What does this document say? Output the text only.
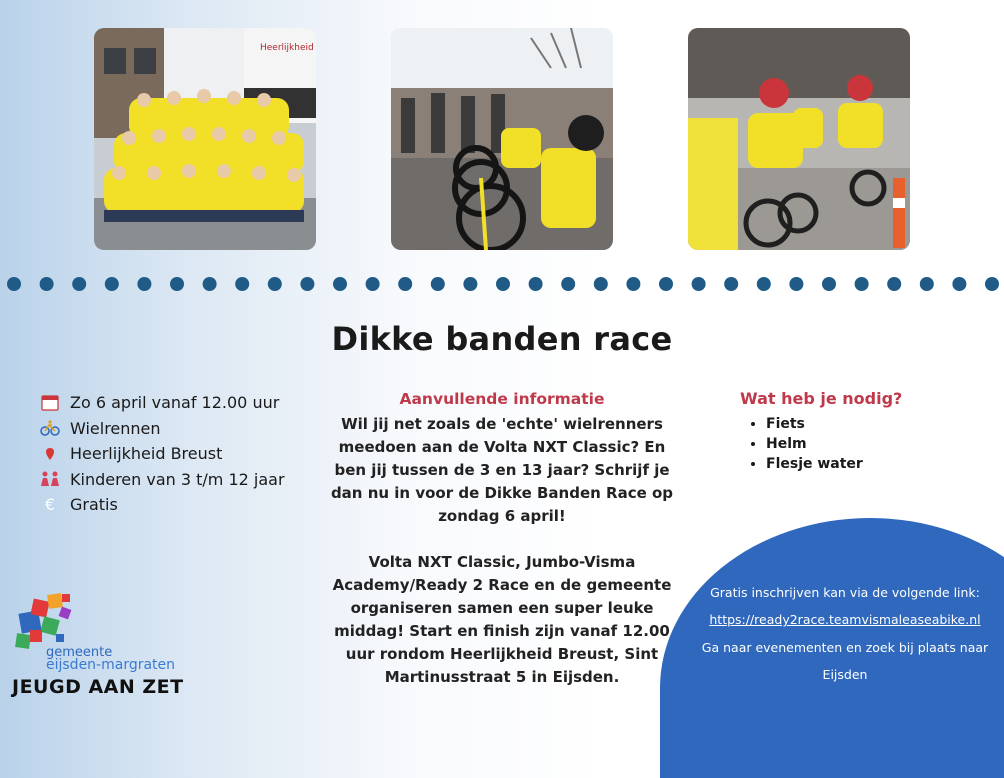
Heerlijkheid
Dikke banden race
Zo 6 april vanaf 12.00 uur
Wielrennen
Heerlijkheid Breust
Kinderen van 3 t/m 12 jaar
€ Gratis
Aanvullende informatie

Wil jij net zoals de 'echte' wielrenners

meedoen aan de Volta NXT Classic? En

ben jij tussen de 3 en 13 jaar? Schrijf je

dan nu in voor de Dikke Banden Race op

zondag 6 april!

Volta NXT Classic, Jumbo-Visma

Academy/Ready 2 Race en de gemeente

organiseren samen een super leuke

middag! Start en finish zijn vanaf 12.00

uur rondom Heerlijkheid Breust, Sint

Martinusstraat 5 in Eijsden.

Wat heb je nodig?
• Fiets
• Helm
• Flesje water
Gratis inschrijven kan via de volgende link:
https://ready2race.teamvismaleaseabike.nl
Ga naar evenementen en zoek bij plaats naar
Eijsden
gemeente
eijsden-margraten
JEUGD AAN ZET
